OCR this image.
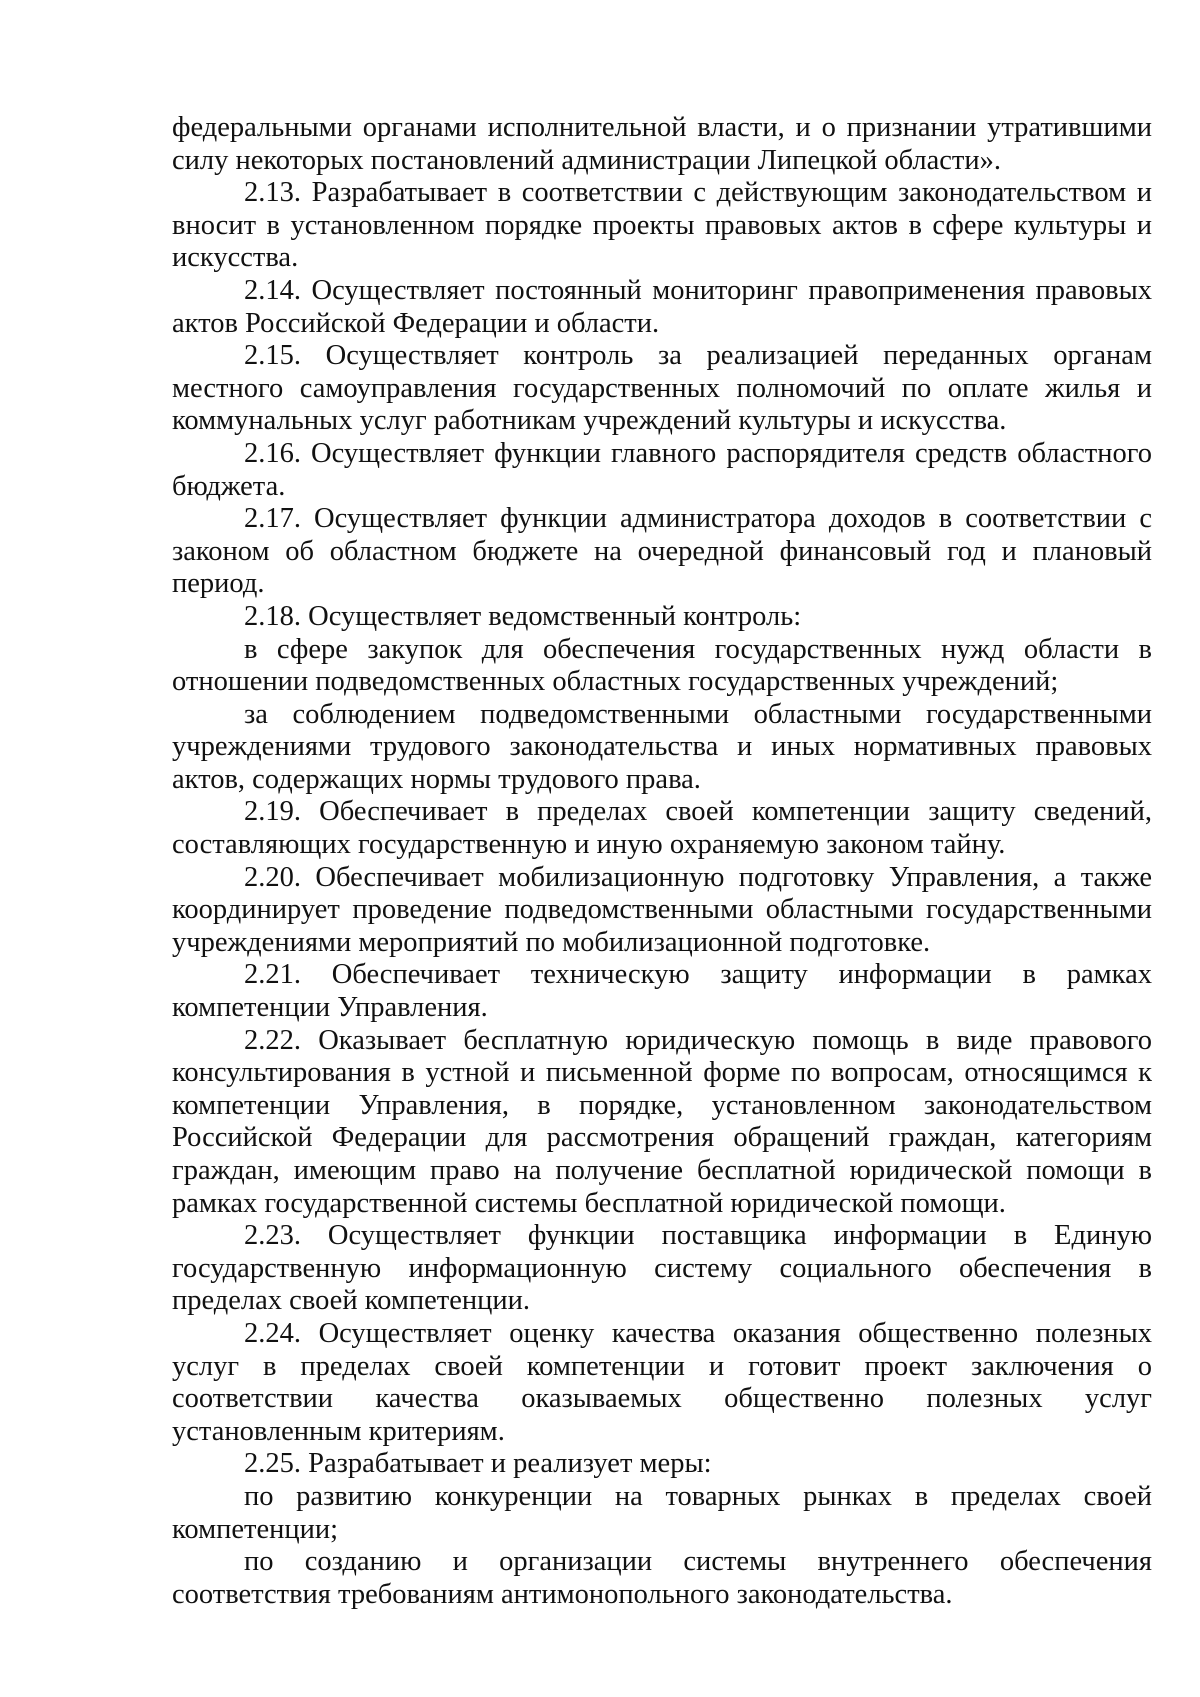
федеральными органами исполнительной власти, и о признании утратившими силу некоторых постановлений администрации Липецкой области».

2.13. Разрабатывает в соответствии с действующим законодательством и вносит в установленном порядке проекты правовых актов в сфере культуры и искусства.

2.14. Осуществляет постоянный мониторинг правоприменения правовых актов Российской Федерации и области.

2.15. Осуществляет контроль за реализацией переданных органам местного самоуправления государственных полномочий по оплате жилья и коммунальных услуг работникам учреждений культуры и искусства.

2.16. Осуществляет функции главного распорядителя средств областного бюджета.

2.17. Осуществляет функции администратора доходов в соответствии с законом об областном бюджете на очередной финансовый год и плановый период.

2.18. Осуществляет ведомственный контроль:

в сфере закупок для обеспечения государственных нужд области в отношении подведомственных областных государственных учреждений;

за соблюдением подведомственными областными государственными учреждениями трудового законодательства и иных нормативных правовых актов, содержащих нормы трудового права.

2.19. Обеспечивает в пределах своей компетенции защиту сведений, составляющих государственную и иную охраняемую законом тайну.

2.20. Обеспечивает мобилизационную подготовку Управления, а также координирует проведение подведомственными областными государственными учреждениями мероприятий по мобилизационной подготовке.

2.21. Обеспечивает техническую защиту информации в рамках компетенции Управления.

2.22. Оказывает бесплатную юридическую помощь в виде правового консультирования в устной и письменной форме по вопросам, относящимся к компетенции Управления, в порядке, установленном законодательством Российской Федерации для рассмотрения обращений граждан, категориям граждан, имеющим право на получение бесплатной юридической помощи в рамках государственной системы бесплатной юридической помощи.

2.23. Осуществляет функции поставщика информации в Единую государственную информационную систему социального обеспечения в пределах своей компетенции.

2.24. Осуществляет оценку качества оказания общественно полезных услуг в пределах своей компетенции и готовит проект заключения о соответствии качества оказываемых общественно полезных услуг установленным критериям.

2.25. Разрабатывает и реализует меры:

по развитию конкуренции на товарных рынках в пределах своей компетенции;

по созданию и организации системы внутреннего обеспечения соответствия требованиям антимонопольного законодательства.
